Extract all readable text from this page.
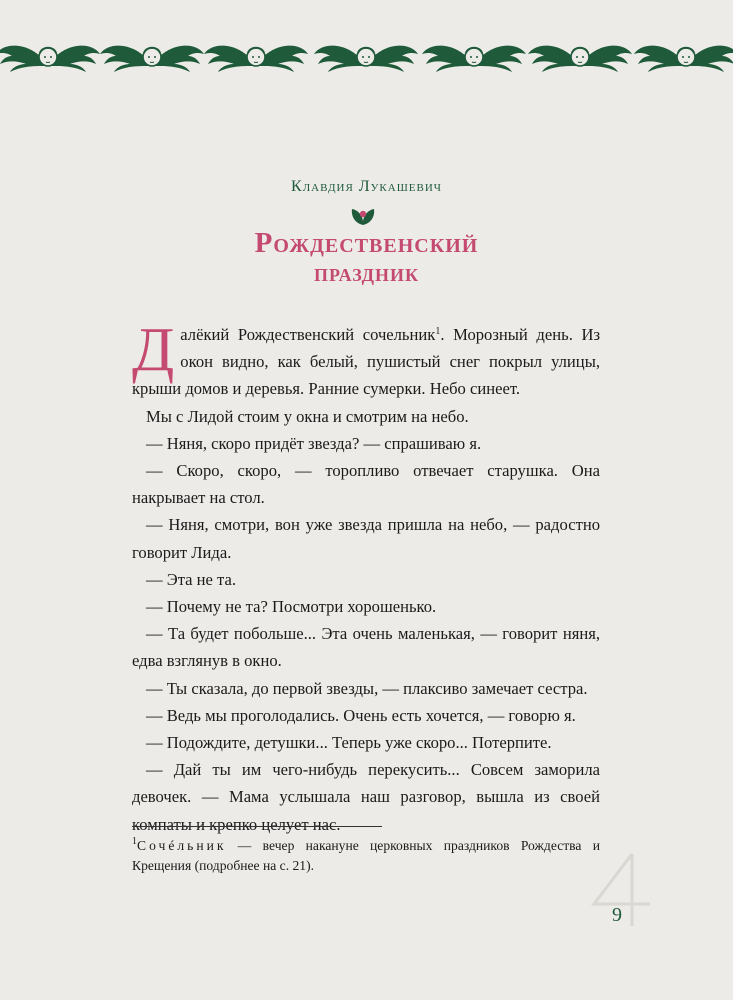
Клавдия Лукашевич
Рождественский
праздник

Далёкий Рождественский сочельник$^1$. Морозный день. Из окон видно, как белый, пушистый снег покрыл улицы, крыши домов и деревья. Ранние сумерки. Небо синеет.

Мы с Лидой стоим у окна и смотрим на небо.

— Няня, скоро придёт звезда? — спрашиваю я.

— Скоро, скоро, — торопливо отвечает старушка. Она накрывает на стол.

— Няня, смотри, вон уже звезда пришла на небо, — радостно говорит Лида.

— Эта не та.

— Почему не та? Посмотри хорошенько.

— Та будет побольше... Эта очень маленькая, — говорит няня, едва взглянув в окно.

— Ты сказала, до первой звезды, — плаксиво замечает сестра.

— Ведь мы проголодались. Очень есть хочется, — говорю я.

— Подождите, детушки... Теперь уже скоро... Потерпите.

— Дай ты им чего-нибудь перекусить... Совсем заморила девочек. — Мама услышала наш разговор, вышла из своей компаты и крепко целует нас.

$^1$Сочéльник — вечер накануне церковных праздников Рождества и Крещения (подробнее на с. 21).
9
